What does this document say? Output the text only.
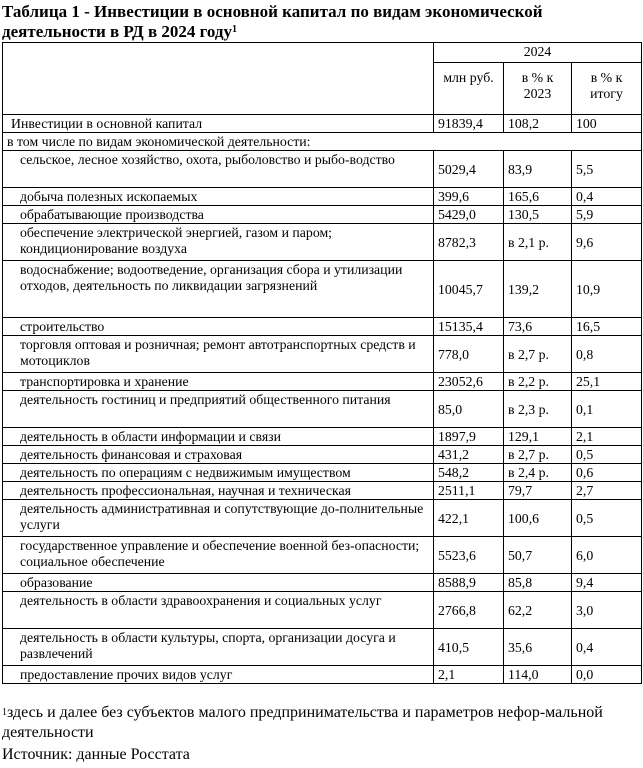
Таблица 1 - Инвестиции в основной капитал по видам экономической деятельности в РД в 2024 году$^1$
	2024		
	млн руб.	в % к 2023	в % к итогу
Инвестиции в основной капитал	91839,4	108,2	100
в том числе по видам экономической деятельности:			
сельское, лесное хозяйство, охота, рыболовство и рыбо-водство	5029,4	83,9	5,5
добыча полезных ископаемых	399,6	165,6	0,4
обрабатывающие производства	5429,0	130,5	5,9
обеспечение электрической энергией, газом и паром; кондиционирование воздуха	8782,3	в 2,1 р.	9,6
водоснабжение; водоотведение, организация сбора и утилизации отходов, деятельность по ликвидации загрязнений	10045,7	139,2	10,9
строительство	15135,4	73,6	16,5
торговля оптовая и розничная; ремонт автотранспортных средств и мотоциклов	778,0	в 2,7 р.	0,8
транспортировка и хранение	23052,6	в 2,2 р.	25,1
деятельность гостиниц и предприятий общественного питания	85,0	в 2,3 р.	0,1
деятельность в области информации и связи	1897,9	129,1	2,1
деятельность финансовая и страховая	431,2	в 2,7 р.	0,5
деятельность по операциям с недвижимым имуществом	548,2	в 2,4 р.	0,6
деятельность профессиональная, научная и техническая	2511,1	79,7	2,7
деятельность административная и сопутствующие до-полнительные услуги	422,1	100,6	0,5
государственное управление и обеспечение военной без-опасности; социальное обеспечение	5523,6	50,7	6,0
образование	8588,9	85,8	9,4
деятельность в области здравоохранения и социальных услуг	2766,8	62,2	3,0
деятельность в области культуры, спорта, организации досуга и развлечений	410,5	35,6	0,4
предоставление прочих видов услуг	2,1	114,0	0,0
$^1$здесь и далее без субъектов малого предпринимательства и параметров нефор-мальной деятельности
Источник: данные Росстата
